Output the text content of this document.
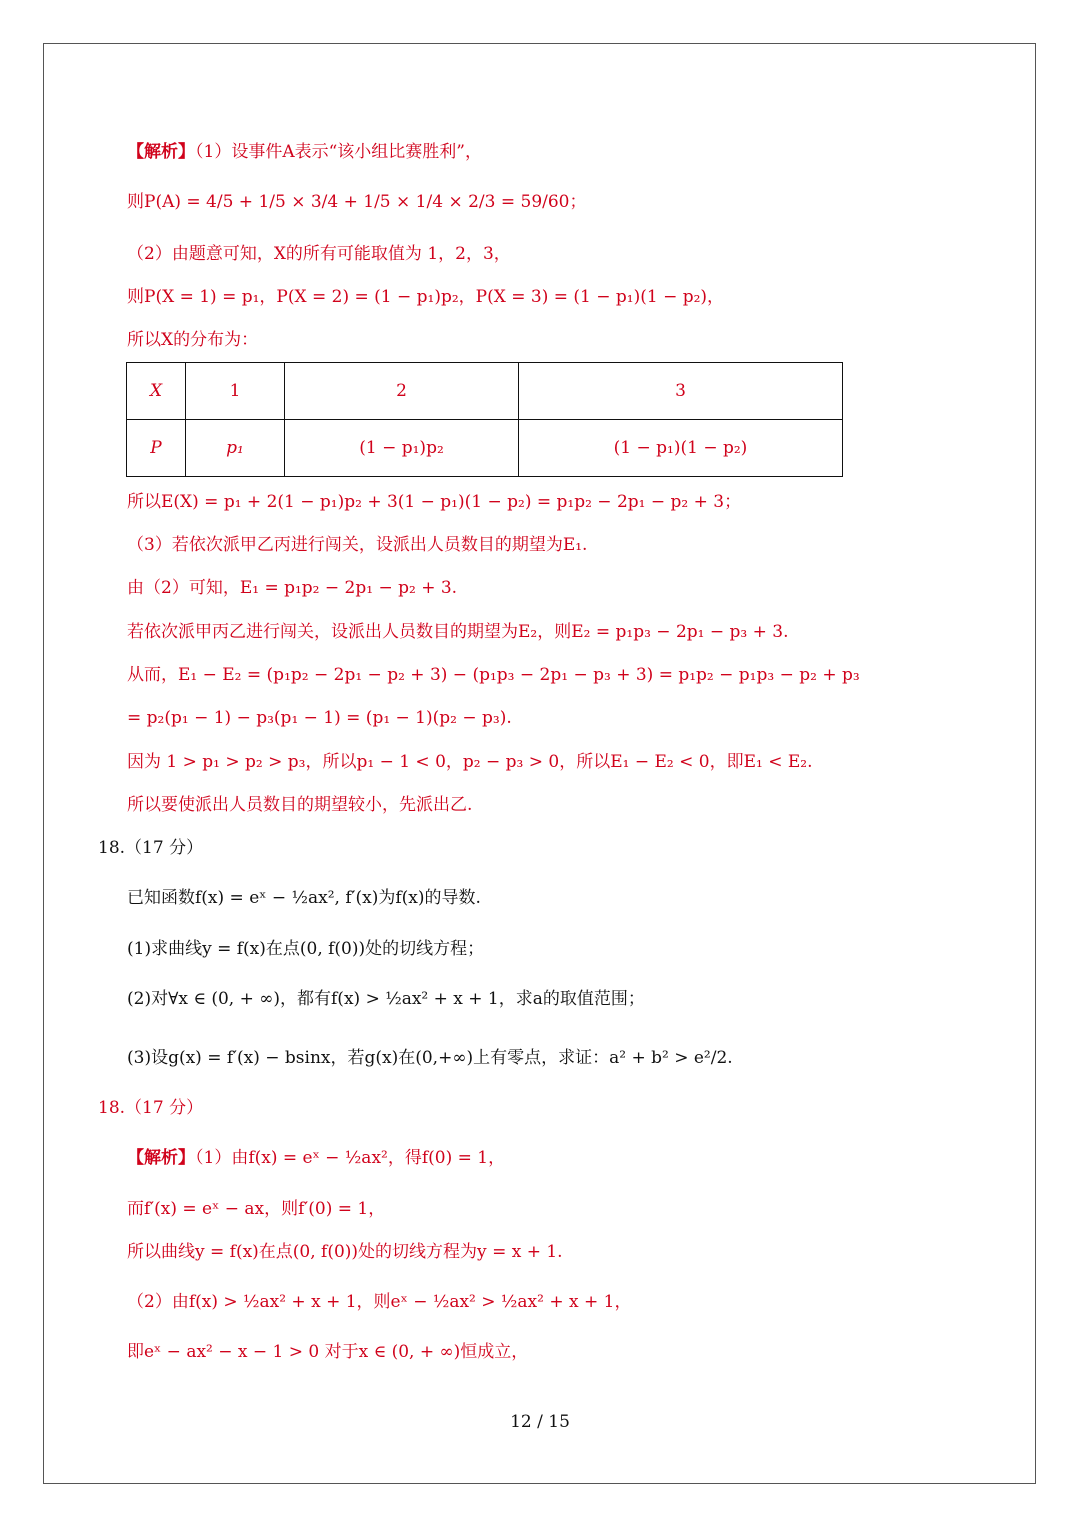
【解析】（1）设事件A表示“该小组比赛胜利”，
则P(A) = 4/5 + 1/5 × 3/4 + 1/5 × 1/4 × 2/3 = 59/60；
（2）由题意可知，X的所有可能取值为 1，2，3，
则P(X = 1) = p₁，P(X = 2) = (1 − p₁)p₂，P(X = 3) = (1 − p₁)(1 − p₂)，
所以X的分布为：
X	1	2	3
P	p₁	(1 − p₁)p₂	(1 − p₁)(1 − p₂)
所以E(X) = p₁ + 2(1 − p₁)p₂ + 3(1 − p₁)(1 − p₂) = p₁p₂ − 2p₁ − p₂ + 3；
（3）若依次派甲乙丙进行闯关，设派出人员数目的期望为E₁.
由（2）可知，E₁ = p₁p₂ − 2p₁ − p₂ + 3.
若依次派甲丙乙进行闯关，设派出人员数目的期望为E₂，则E₂ = p₁p₃ − 2p₁ − p₃ + 3.
从而，E₁ − E₂ = (p₁p₂ − 2p₁ − p₂ + 3) − (p₁p₃ − 2p₁ − p₃ + 3) = p₁p₂ − p₁p₃ − p₂ + p₃
= p₂(p₁ − 1) − p₃(p₁ − 1) = (p₁ − 1)(p₂ − p₃).
因为 1 > p₁ > p₂ > p₃，所以p₁ − 1 < 0，p₂ − p₃ > 0，所以E₁ − E₂ < 0，即E₁ < E₂.
所以要使派出人员数目的期望较小，先派出乙.
18.（17 分）
已知函数f(x) = eˣ − ½ax², f′(x)为f(x)的导数.
(1)求曲线y = f(x)在点(0, f(0))处的切线方程；
(2)对∀x ∈ (0, + ∞)，都有f(x) > ½ax² + x + 1，求a的取值范围；
(3)设g(x) = f′(x) − bsinx，若g(x)在(0,+∞)上有零点，求证：a² + b² > e²/2.
18.（17 分）
【解析】（1）由f(x) = eˣ − ½ax²，得f(0) = 1，
而f′(x) = eˣ − ax，则f′(0) = 1，
所以曲线y = f(x)在点(0, f(0))处的切线方程为y = x + 1.
（2）由f(x) > ½ax² + x + 1，则eˣ − ½ax² > ½ax² + x + 1，
即eˣ − ax² − x − 1 > 0 对于x ∈ (0, + ∞)恒成立，
12 / 15
